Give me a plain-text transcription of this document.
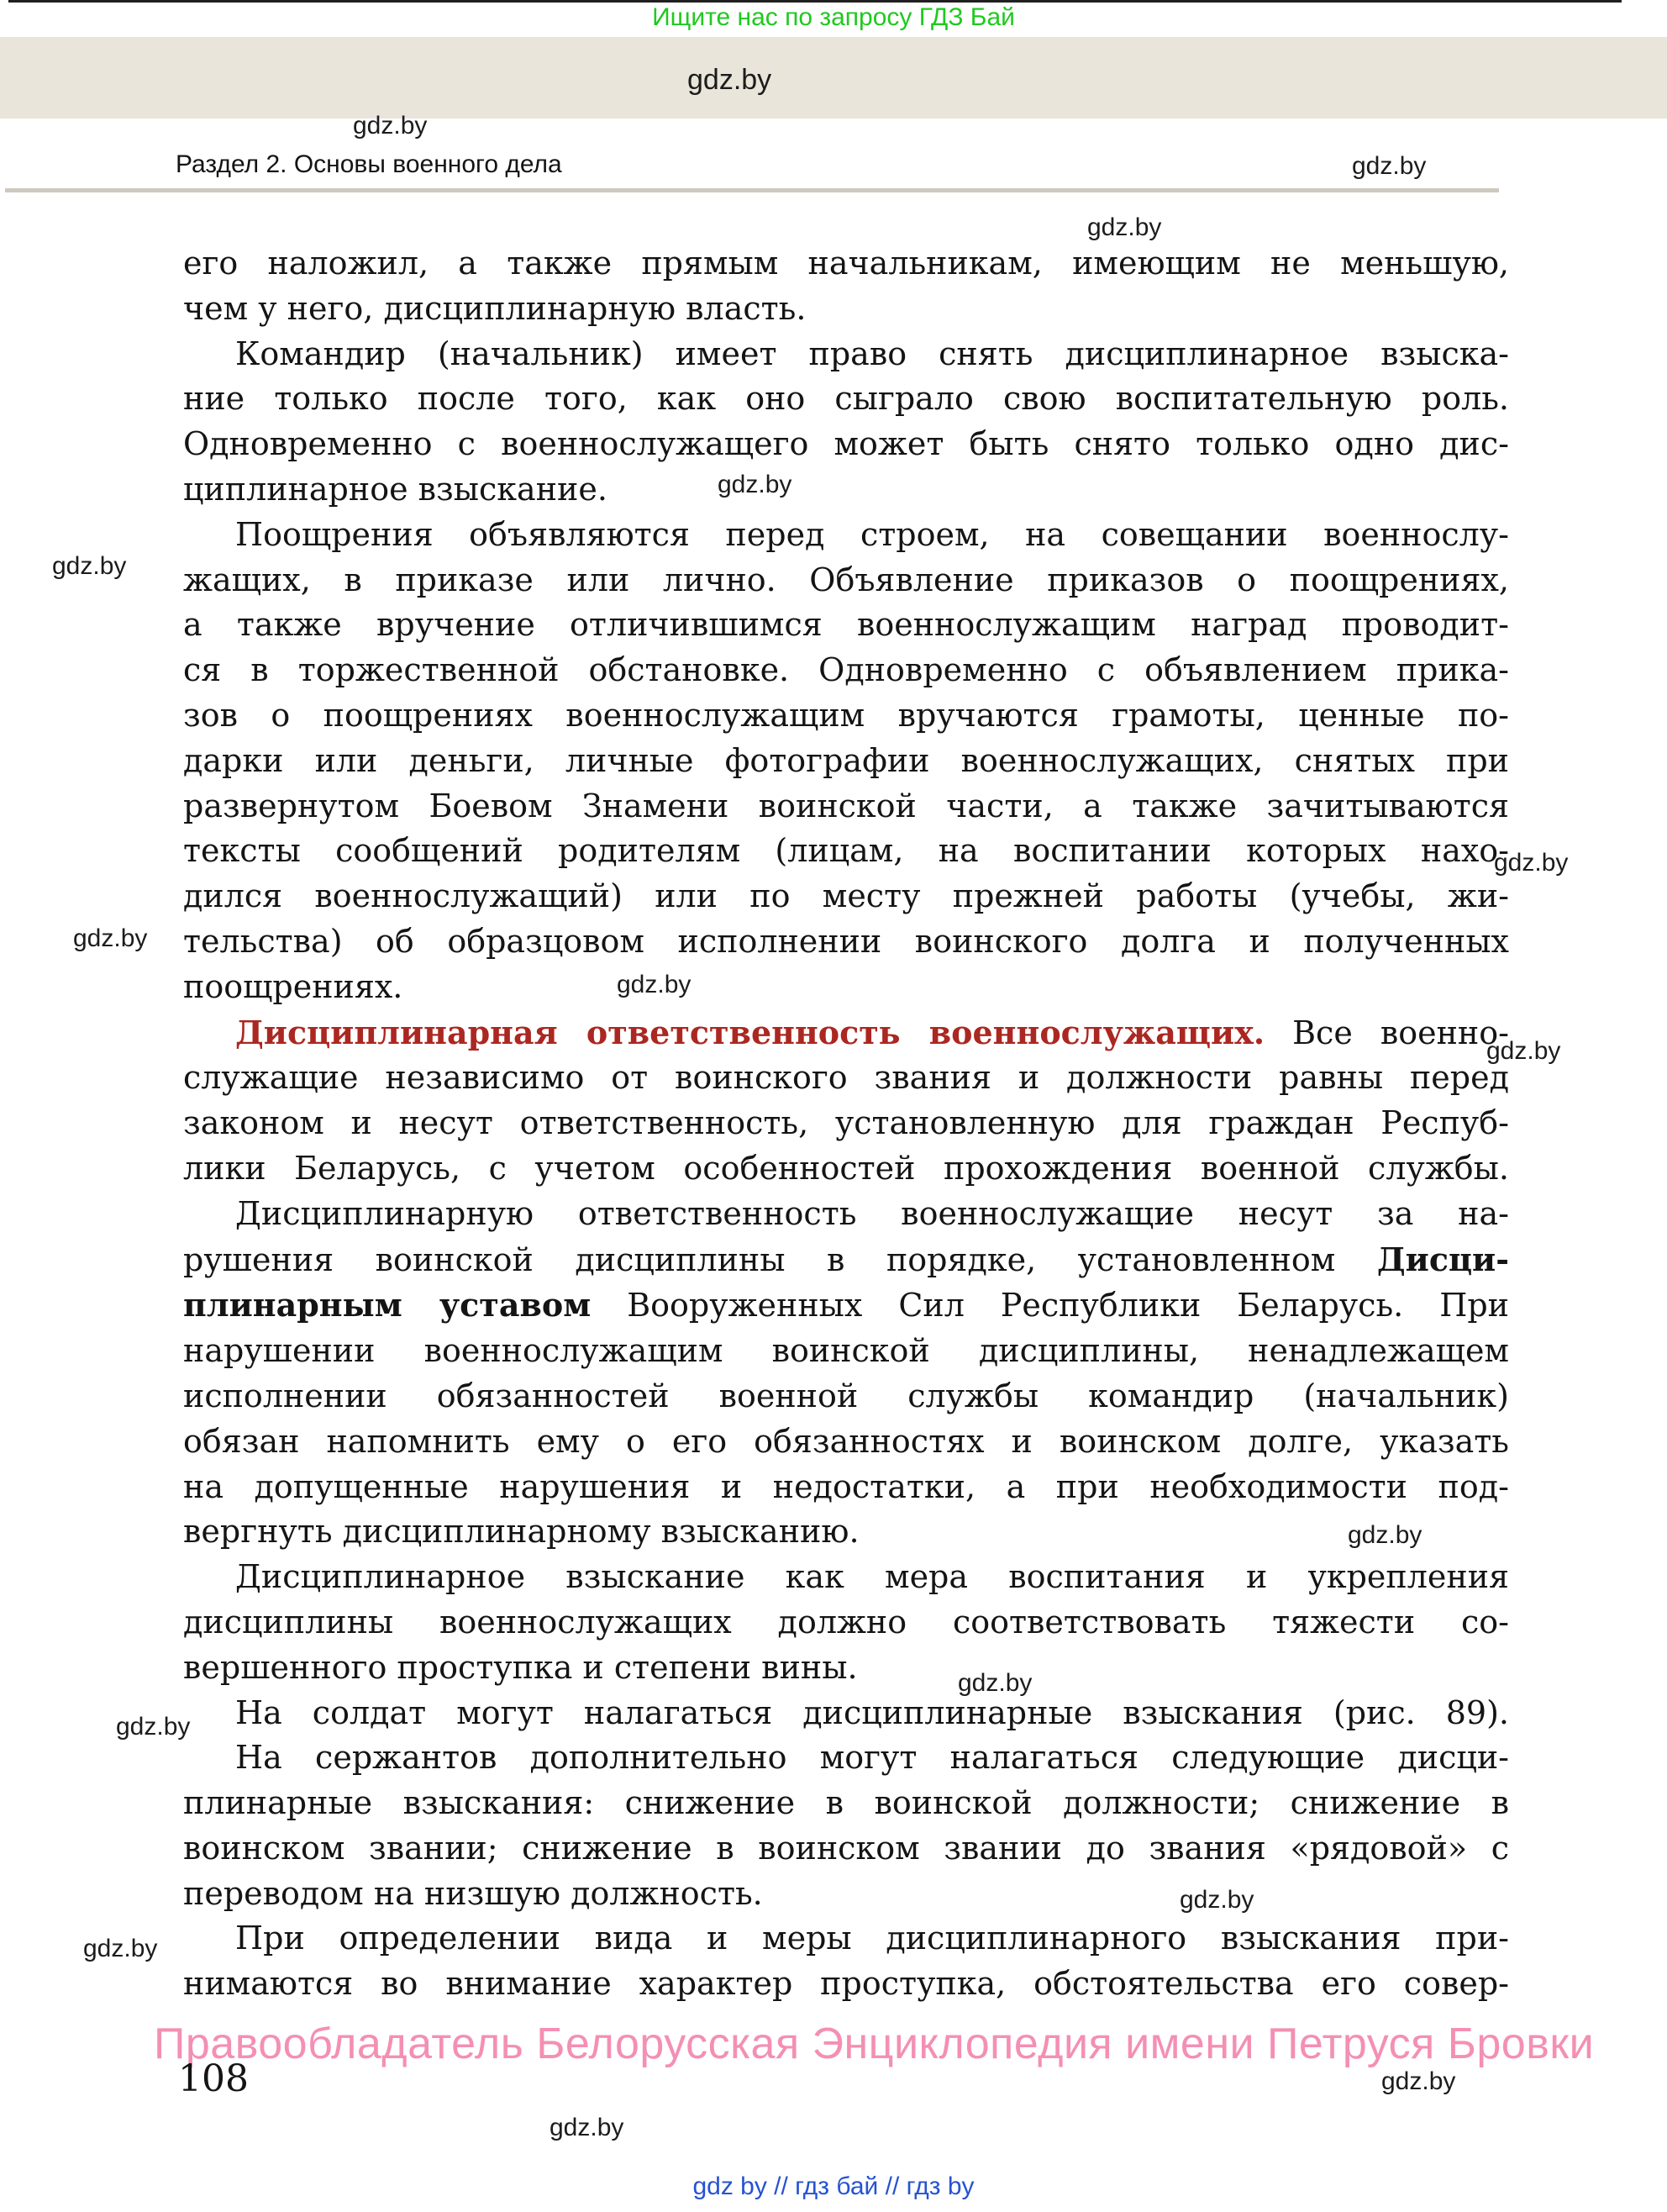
Ищите нас по запросу ГДЗ Бай
Раздел 2. Основы военного дела
его наложил, а также прямым начальникам, имеющим не меньшую,
чем у него, дисциплинарную власть.
Командир (начальник) имеет право снять дисциплинарное взыска-
ние только после того, как оно сыграло свою воспитательную роль.
Одновременно с военнослужащего может быть снято только одно дис-
циплинарное взыскание.
Поощрения объявляются перед строем, на совещании военнослу-
жащих, в приказе или лично. Объявление приказов о поощрениях,
а также вручение отличившимся военнослужащим наград проводит-
ся в торжественной обстановке. Одновременно с объявлением прика-
зов о поощрениях военнослужащим вручаются грамоты, ценные по-
дарки или деньги, личные фотографии военнослужащих, снятых при
развернутом Боевом Знамени воинской части, а также зачитываются
тексты сообщений родителям (лицам, на воспитании которых нахо-
дился военнослужащий) или по месту прежней работы (учебы, жи-
тельства) об образцовом исполнении воинского долга и полученных
поощрениях.
Дисциплинарная ответственность военнослужащих. Все военно-
служащие независимо от воинского звания и должности равны перед
законом и несут ответственность, установленную для граждан Респуб-
лики Беларусь, с учетом особенностей прохождения военной службы.
Дисциплинарную ответственность военнослужащие несут за на-
рушения воинской дисциплины в порядке, установленном Дисци-
плинарным уставом Вооруженных Сил Республики Беларусь. При
нарушении военнослужащим воинской дисциплины, ненадлежащем
исполнении обязанностей военной службы командир (начальник)
обязан напомнить ему о его обязанностях и воинском долге, указать
на допущенные нарушения и недостатки, а при необходимости под-
вергнуть дисциплинарному взысканию.
Дисциплинарное взыскание как мера воспитания и укрепления
дисциплины военнослужащих должно соответствовать тяжести со-
вершенного проступка и степени вины.
На солдат могут налагаться дисциплинарные взыскания (рис. 89).
На сержантов дополнительно могут налагаться следующие дисци-
плинарные взыскания: снижение в воинской должности; снижение в
воинском звании; снижение в воинском звании до звания «рядовой» с
переводом на низшую должность.
При определении вида и меры дисциплинарного взыскания при-
нимаются во внимание характер проступка, обстоятельства его совер-
gdz.by
gdz.by
gdz.by
gdz.by
gdz.by
gdz.by
gdz.by
gdz.by
gdz.by
gdz.by
gdz.by
gdz.by
gdz.by
gdz.by
gdz.by
gdz.by
gdz.by
Правообладатель Белорусская Энциклопедия имени Петруся Бровки
108
gdz by // гдз бай // гдз by
